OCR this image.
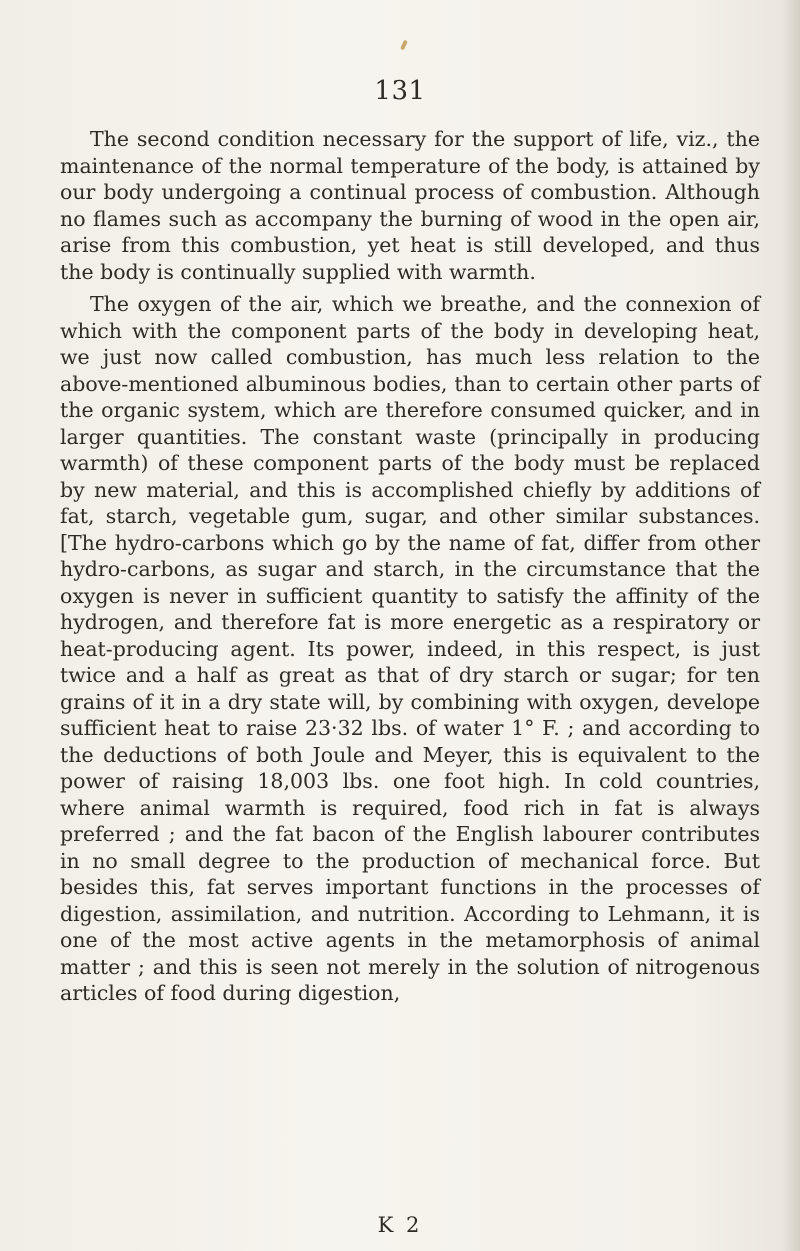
131

The second condition necessary for the support of life, viz., the maintenance of the normal temperature of the body, is attained by our body undergoing a continual process of combustion. Although no flames such as accompany the burning of wood in the open air, arise from this combustion, yet heat is still developed, and thus the body is continually supplied with warmth.

The oxygen of the air, which we breathe, and the connexion of which with the component parts of the body in developing heat, we just now called combustion, has much less relation to the above-mentioned albuminous bodies, than to certain other parts of the organic system, which are therefore consumed quicker, and in larger quantities. The constant waste (principally in producing warmth) of these component parts of the body must be replaced by new material, and this is accomplished chiefly by additions of fat, starch, vegetable gum, sugar, and other similar substances. [The hydro-carbons which go by the name of fat, differ from other hydro-carbons, as sugar and starch, in the circumstance that the oxygen is never in sufficient quantity to satisfy the affinity of the hydrogen, and therefore fat is more energetic as a respiratory or heat-producing agent. Its power, indeed, in this respect, is just twice and a half as great as that of dry starch or sugar; for ten grains of it in a dry state will, by combining with oxygen, develope sufficient heat to raise 23·32 lbs. of water 1° F. ; and according to the deductions of both Joule and Meyer, this is equivalent to the power of raising 18,003 lbs. one foot high. In cold countries, where animal warmth is required, food rich in fat is always preferred ; and the fat bacon of the English labourer contributes in no small degree to the production of mechanical force. But besides this, fat serves important functions in the processes of digestion, assimilation, and nutrition. According to Lehmann, it is one of the most active agents in the metamorphosis of animal matter ; and this is seen not merely in the solution of nitrogenous articles of food during digestion,

K 2
